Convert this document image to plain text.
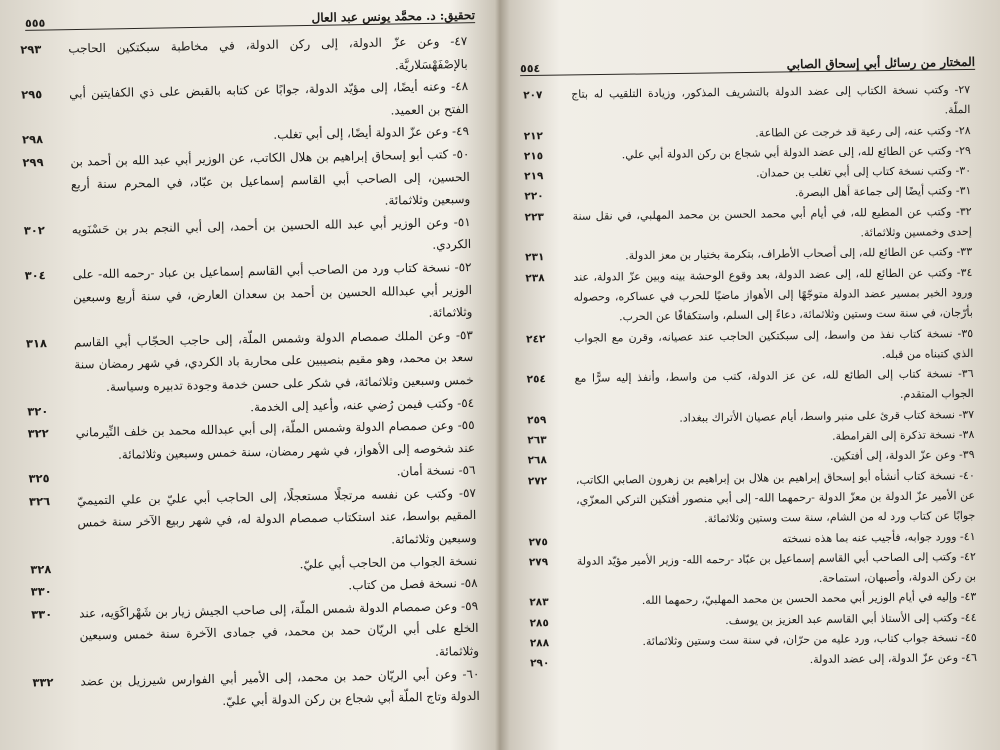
تحقيق: د. محمَّد يونس عبد العال
٥٥٥
٤٧- وعن عزّ الدولة، إلى ركن الدولة، في مخاطبة سبكتكين الحاجب بالإصْفَهْسَلاريَّة.
٢٩٣
٤٨- وعنه أيضًا، إلى مؤيّد الدولة، جوابًا عن كتابه بالقبض على ذي الكفايتين أبي الفتح بن العميد.
٢٩٥
٤٩- وعن عزّ الدولة أيضًا، إلى أبي تغلب.
٢٩٨
٥٠- كتب أبو إسحاق إبراهيم بن هلال الكاتب، عن الوزير أبي عبد الله بن أحمد بن الحسين، إلى الصاحب أبي القاسم إسماعيل بن عبّاد، في المحرم سنة أربع وسبعين وثلاثمائة.
٢٩٩
٥١- وعن الوزير أبي عبد الله الحسين بن أحمد، إلى أبي النجم بدر بن حَسْنَويه الكردي.
٣٠٢
٥٢- نسخة كتاب ورد من الصاحب أبي القاسم إسماعيل بن عباد -رحمه الله- على الوزير أبي عبدالله الحسين بن أحمد بن سعدان العارض، في سنة أربع وسبعين وثلاثمائة.
٣٠٤
٥٣- وعن الملك صمصام الدولة وشمس الملّة، إلى حاجب الحجّاب أبي القاسم سعد بن محمد، وهو مقيم بنصيبين على محاربة باد الكردي، في شهر رمضان سنة خمس وسبعين وثلاثمائة، في شكر على حسن خدمة وجودة تدبيره وسياسة.
٣١٨
٥٤- وكتب فيمن رُضي عنه، وأعيد إلى الخدمة.
٣٢٠
٥٥- وعن صمصام الدولة وشمس الملّة، إلى أبي عبدالله محمد بن خلف النِّيرماني عند شخوصه إلى الأهواز، في شهر رمضان، سنة خمس وسبعين وثلاثمائة.
٣٢٢
٥٦- نسخة أمان.
٣٢٥
٥٧- وكتب عن نفسه مرتجلًا مستعجلًا، إلى الحاجب أبي عليّ بن علي التميميّ المقيم بواسط، عند استكتاب صمصام الدولة له، في شهر ربيع الآخر سنة خمس وسبعين وثلاثمائة.
٣٢٦
نسخة الجواب من الحاجب أبي عليّ.
٣٢٨
٥٨- نسخة فصل من كتاب.
٣٣٠
٥٩- وعن صمصام الدولة شمس الملّة، إلى صاحب الجيش زيار بن شَهْراكَوَيه، عند الخلع على أبي الريّان حمد بن محمد، في جمادى الآخرة سنة خمس وسبعين وثلاثمائة.
٣٣٠
٦٠- وعن أبي الريّان حمد بن محمد، إلى الأمير أبي الفوارس شيرزيل بن عضد الدولة وتاج الملّة أبي شجاع بن ركن الدولة أبي عليّ.
٣٣٢
المختار من رسائل أبي إسحاق الصابي
٥٥٤
٢٧- وكتب نسخة الكتاب إلى عضد الدولة بالتشريف المذكور، وزيادة التلقيب له بتاج الملّة.
٢٠٧
٢٨- وكتب عنه، إلى رعية قد خرجت عن الطاعة.
٢١٢
٢٩- وكتب عن الطائع لله، إلى عضد الدولة أبي شجاع بن ركن الدولة أبي علي.
٢١٥
٣٠- وكتب نسخة كتاب إلى أبي تغلب بن حمدان.
٢١٩
٣١- وكتب أيضًا إلى جماعة أهل البصرة.
٢٢٠
٣٢- وكتب عن المطيع لله، في أيام أبي محمد الحسن بن محمد المهلبي، في نقل سنة إحدى وخمسين وثلاثمائة.
٢٢٣
٣٣- وكتب عن الطائع لله، إلى أصحاب الأطراف، بتكرمة بختيار بن معز الدولة.
٢٣١
٣٤- وكتب عن الطائع لله، إلى عضد الدولة، بعد وقوع الوحشة بينه وبين عزّ الدولة، عند ورود الخبر بمسير عضد الدولة متوجّهًا إلى الأهواز ماضيًا للحرب في عساكره، وحصوله بأرّجان، في سنة ست وستين وثلاثمائة، دعاءً إلى السلم، واستكفافًا عن الحرب.
٢٣٨
٣٥- نسخة كتاب نفذ من واسط، إلى سبكتكين الحاجب عند عصيانه، وقرن مع الجواب الذي كتبناه من قبله.
٢٤٢
٣٦- نسخة كتاب إلى الطائع لله، عن عز الدولة، كتب من واسط، وأنفذ إليه سرًّا مع الجواب المتقدم.
٢٥٤
٣٧- نسخة كتاب قرئ على منبر واسط، أيام عصيان الأتراك ببغداد.
٢٥٩
٣٨- نسخة تذكرة إلى القرامطة.
٢٦٣
٣٩- وعن عزّ الدولة، إلى أفتكين.
٢٦٨
٤٠- نسخة كتاب أنشأه أبو إسحاق إبراهيم بن هلال بن إبراهيم بن زهرون الصابي الكاتب، عن الأمير عزّ الدولة بن معزّ الدولة -رحمهما الله- إلى أبي منصور أفتكين التركي المعزّي، جوابًا عن كتاب ورد له من الشام، سنة ست وستين وثلاثمائة.
٢٧٢
٤١- وورد جوابه، فأجيب عنه بما هذه نسخته
٢٧٥
٤٢- وكتب إلى الصاحب أبي القاسم إسماعيل بن عبّاد -رحمه الله- وزير الأمير مؤيّد الدولة بن ركن الدولة، وأصبهان، استماحة.
٢٧٩
٤٣- وإليه في أيام الوزير أبي محمد الحسن بن محمد المهلبيّ، رحمهما الله.
٢٨٣
٤٤- وكتب إلى الأستاذ أبي القاسم عبد العزيز بن يوسف.
٢٨٥
٤٥- نسخة جواب كتاب، ورد عليه من حرّان، في سنة ست وستين وثلاثمائة.
٢٨٨
٤٦- وعن عزّ الدولة، إلى عضد الدولة.
٢٩٠
